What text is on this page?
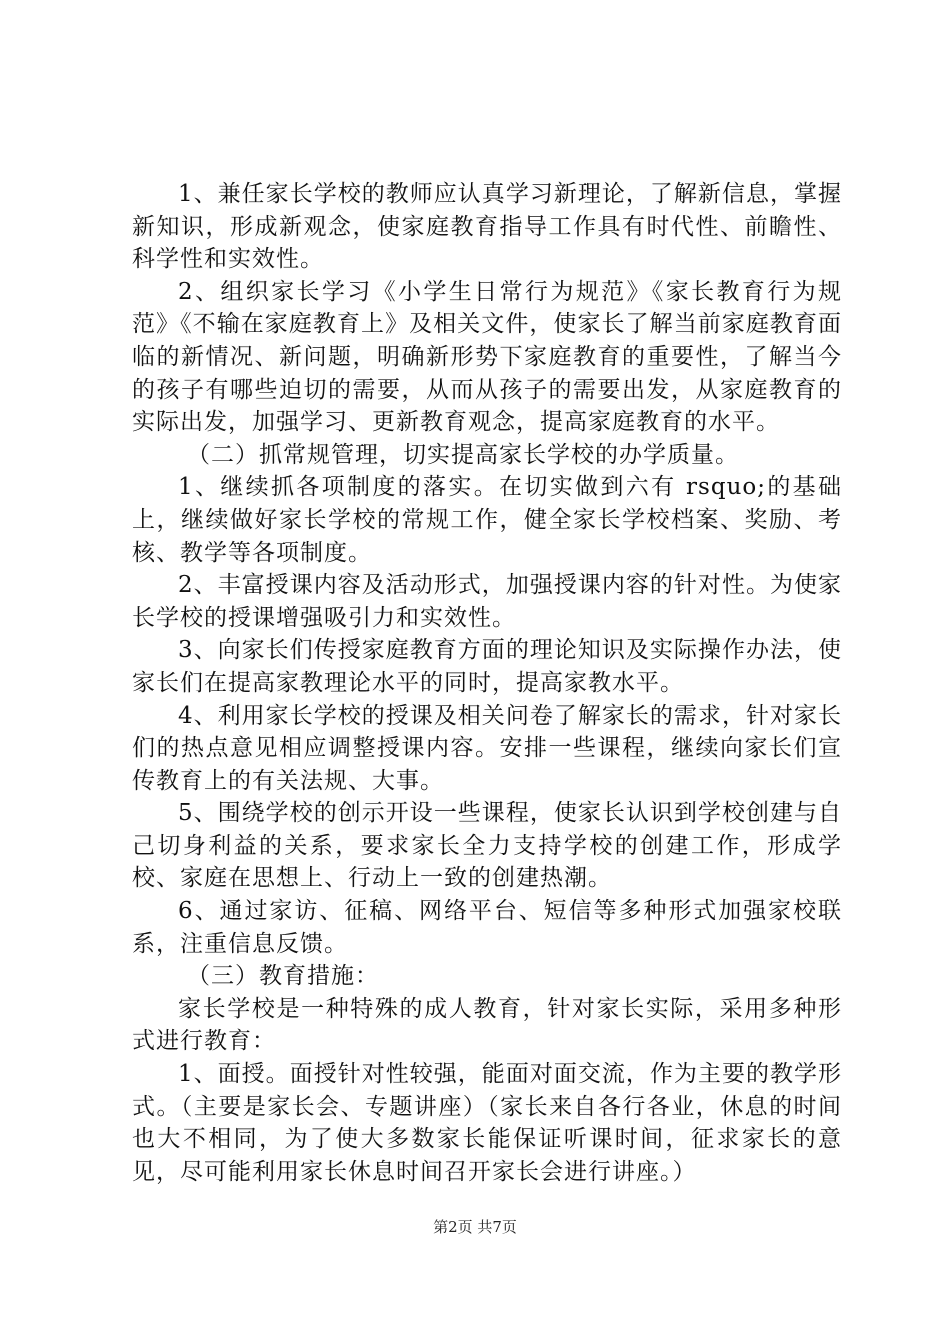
1、兼任家长学校的教师应认真学习新理论，了解新信息，掌握新知识，形成新观念，使家庭教育指导工作具有时代性、前瞻性、科学性和实效性。

2、组织家长学习《小学生日常行为规范》《家长教育行为规范》《不输在家庭教育上》及相关文件，使家长了解当前家庭教育面临的新情况、新问题，明确新形势下家庭教育的重要性，了解当今的孩子有哪些迫切的需要，从而从孩子的需要出发，从家庭教育的实际出发，加强学习、更新教育观念，提高家庭教育的水平。

（二）抓常规管理，切实提高家长学校的办学质量。

1、继续抓各项制度的落实。在切实做到六有 rsquo;的基础上，继续做好家长学校的常规工作，健全家长学校档案、奖励、考核、教学等各项制度。

2、丰富授课内容及活动形式，加强授课内容的针对性。为使家长学校的授课增强吸引力和实效性。

3、向家长们传授家庭教育方面的理论知识及实际操作办法，使家长们在提高家教理论水平的同时，提高家教水平。

4、利用家长学校的授课及相关问卷了解家长的需求，针对家长们的热点意见相应调整授课内容。安排一些课程，继续向家长们宣传教育上的有关法规、大事。

5、围绕学校的创示开设一些课程，使家长认识到学校创建与自己切身利益的关系，要求家长全力支持学校的创建工作，形成学校、家庭在思想上、行动上一致的创建热潮。

6、通过家访、征稿、网络平台、短信等多种形式加强家校联系，注重信息反馈。

（三）教育措施：

家长学校是一种特殊的成人教育，针对家长实际，采用多种形式进行教育：

1、面授。面授针对性较强，能面对面交流，作为主要的教学形式。（主要是家长会、专题讲座）（家长来自各行各业，休息的时间也大不相同，为了使大多数家长能保证听课时间，征求家长的意见，尽可能利用家长休息时间召开家长会进行讲座。）

第2页 共7页
